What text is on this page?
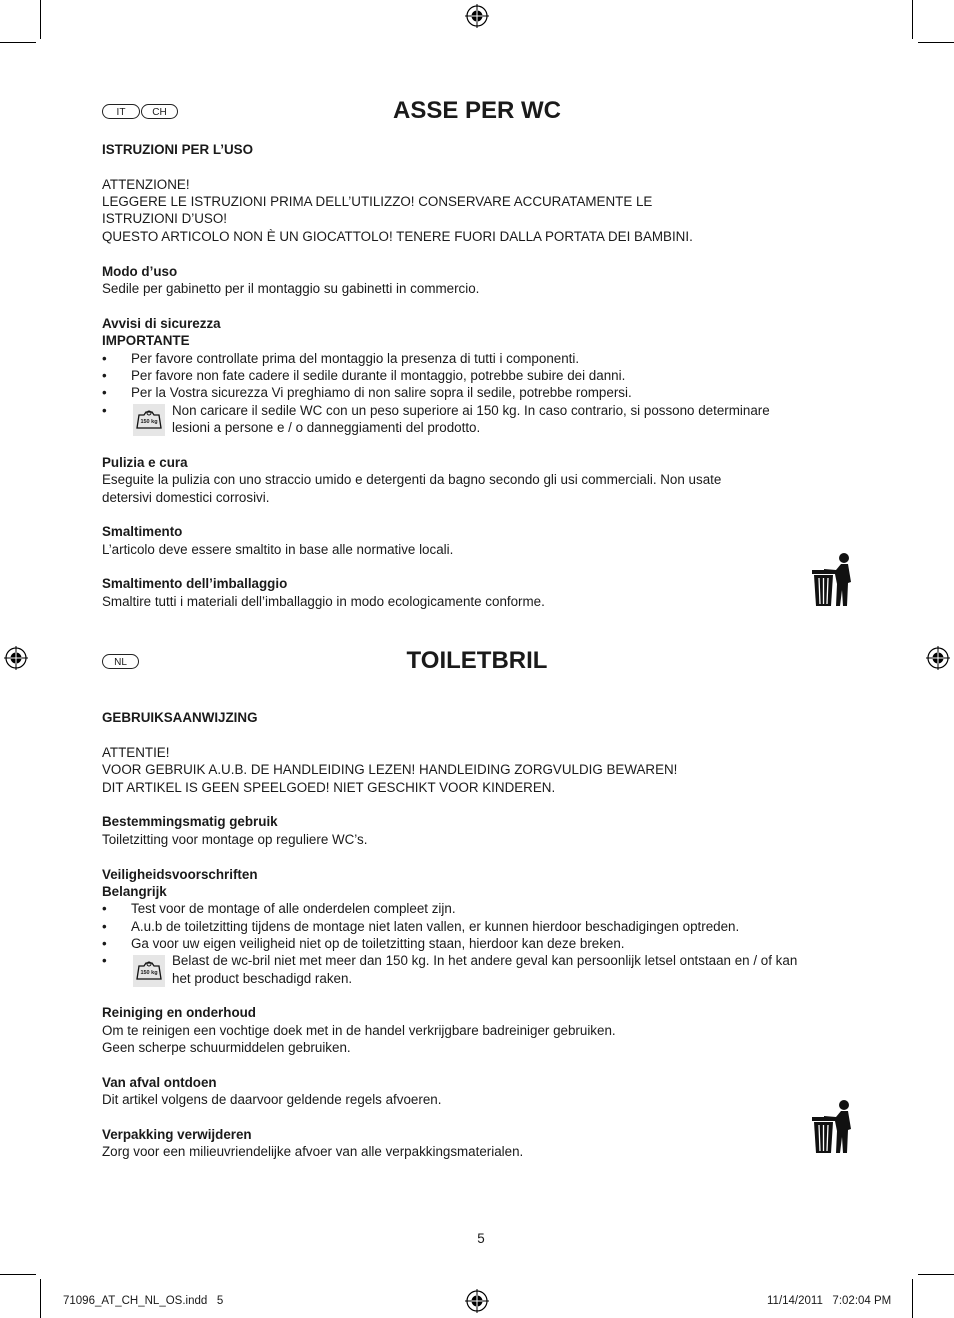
IT	CH	ASSE PER WC
ISTRUZIONI PER L’USO
ATTENZIONE!
LEGGERE LE ISTRUZIONI PRIMA DELL’UTILIZZO! CONSERVARE ACCURATAMENTE LE
ISTRUZIONI D’USO!
QUESTO ARTICOLO NON È UN GIOCATTOLO! TENERE FUORI DALLA PORTATA DEI BAMBINI.
Modo d’uso
Sedile per gabinetto per il montaggio su gabinetti in commercio.
Avvisi di sicurezza
IMPORTANTE
• Per favore controllate prima del montaggio la presenza di tutti i componenti.
• Per favore non fate cadere il sedile durante il montaggio, potrebbe subire dei danni.
• Per la Vostra sicurezza Vi preghiamo di non salire sopra il sedile, potrebbe rompersi.
•
150 kg
Non caricare il sedile WC con un peso superiore ai 150 kg. In caso contrario, si possono determinare
lesioni a persone e / o danneggiamenti del prodotto.
Pulizia e cura
Eseguite la pulizia con uno straccio umido e detergenti da bagno secondo gli usi commerciali. Non usate
detersivi domestici corrosivi.
Smaltimento
L’articolo deve essere smaltito in base alle normative locali.
Smaltimento dell’imballaggio
Smaltire tutti i materiali dell’imballaggio in modo ecologicamente conforme.
NL	TOILETBRIL
GEBRUIKSAANWIJZING
ATTENTIE!
VOOR GEBRUIK A.U.B. DE HANDLEIDING LEZEN! HANDLEIDING ZORGVULDIG BEWAREN!
DIT ARTIKEL IS GEEN SPEELGOED! NIET GESCHIKT VOOR KINDEREN.
Bestemmingsmatig gebruik
Toiletzitting voor montage op reguliere WC’s.
Veiligheidsvoorschriften
Belangrijk
• Test voor de montage of alle onderdelen compleet zijn.
• A.u.b de toiletzitting tijdens de montage niet laten vallen, er kunnen hierdoor beschadigingen optreden.
• Ga voor uw eigen veiligheid niet op de toiletzitting staan, hierdoor kan deze breken.
•
150 kg
Belast de wc-bril niet met meer dan 150 kg. In het andere geval kan persoonlijk letsel ontstaan en / of kan
het product beschadigd raken.
Reiniging en onderhoud
Om te reinigen een vochtige doek met in de handel verkrijgbare badreiniger gebruiken.
Geen scherpe schuurmiddelen gebruiken.
Van afval ontdoen
Dit artikel volgens de daarvoor geldende regels afvoeren.
Verpakking verwijderen
Zorg voor een milieuvriendelijke afvoer van alle verpakkingsmaterialen.
5
71096_AT_CH_NL_OS.indd   5	11/14/2011   7:02:04 PM
